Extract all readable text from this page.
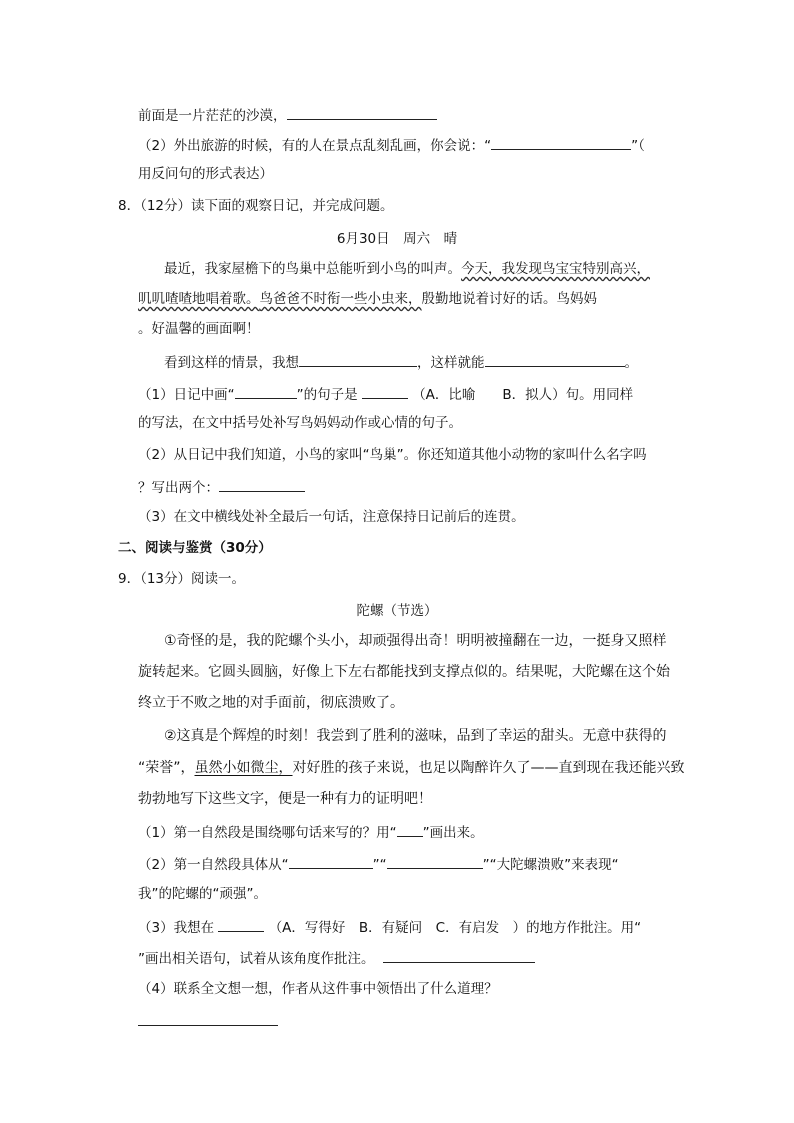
前面是一片茫茫的沙漠，
（2）外出旅游的时候，有的人在景点乱刻乱画，你会说：“	”（
用反问句的形式表达）
8．（12分）读下面的观察日记，并完成问题。
6月30日　周六　晴
最近，我家屋檐下的鸟巢中总能听到小鸟的叫声。今天，我发现鸟宝宝特别高兴，
叽叽喳喳地唱着歌。鸟爸爸不时衔一些小虫来，殷勤地说着讨好的话。鸟妈妈
。好温馨的画面啊！
看到这样的情景，我想	，这样就能	。
（1）日记中画“	”的句子是	（A．比喻　　B．拟人）句。用同样
的写法，在文中括号处补写鸟妈妈动作或心情的句子。
（2）从日记中我们知道，小鸟的家叫“鸟巢”。你还知道其他小动物的家叫什么名字吗
？写出两个：
（3）在文中横线处补全最后一句话，注意保持日记前后的连贯。
二、阅读与鉴赏（30分）
9．（13分）阅读一。
陀螺（节选）
①奇怪的是，我的陀螺个头小，却顽强得出奇！明明被撞翻在一边，一挺身又照样
旋转起来。它圆头圆脑，好像上下左右都能找到支撑点似的。结果呢，大陀螺在这个始
终立于不败之地的对手面前，彻底溃败了。
②这真是个辉煌的时刻！我尝到了胜利的滋味，品到了幸运的甜头。无意中获得的
“荣誉”，虽然小如微尘，对好胜的孩子来说，也足以陶醉许久了——直到现在我还能兴致
勃勃地写下这些文字，便是一种有力的证明吧！
（1）第一自然段是围绕哪句话来写的？用“ ”画出来。
（2）第一自然段具体从“	”“	”“大陀螺溃败”来表现“
我”的陀螺的“顽强”。
（3）我想在	（A．写得好　B．有疑问　C．有启发　）的地方作批注。用“
”画出相关语句，试着从该角度作批注。
（4）联系全文想一想，作者从这件事中领悟出了什么道理？
